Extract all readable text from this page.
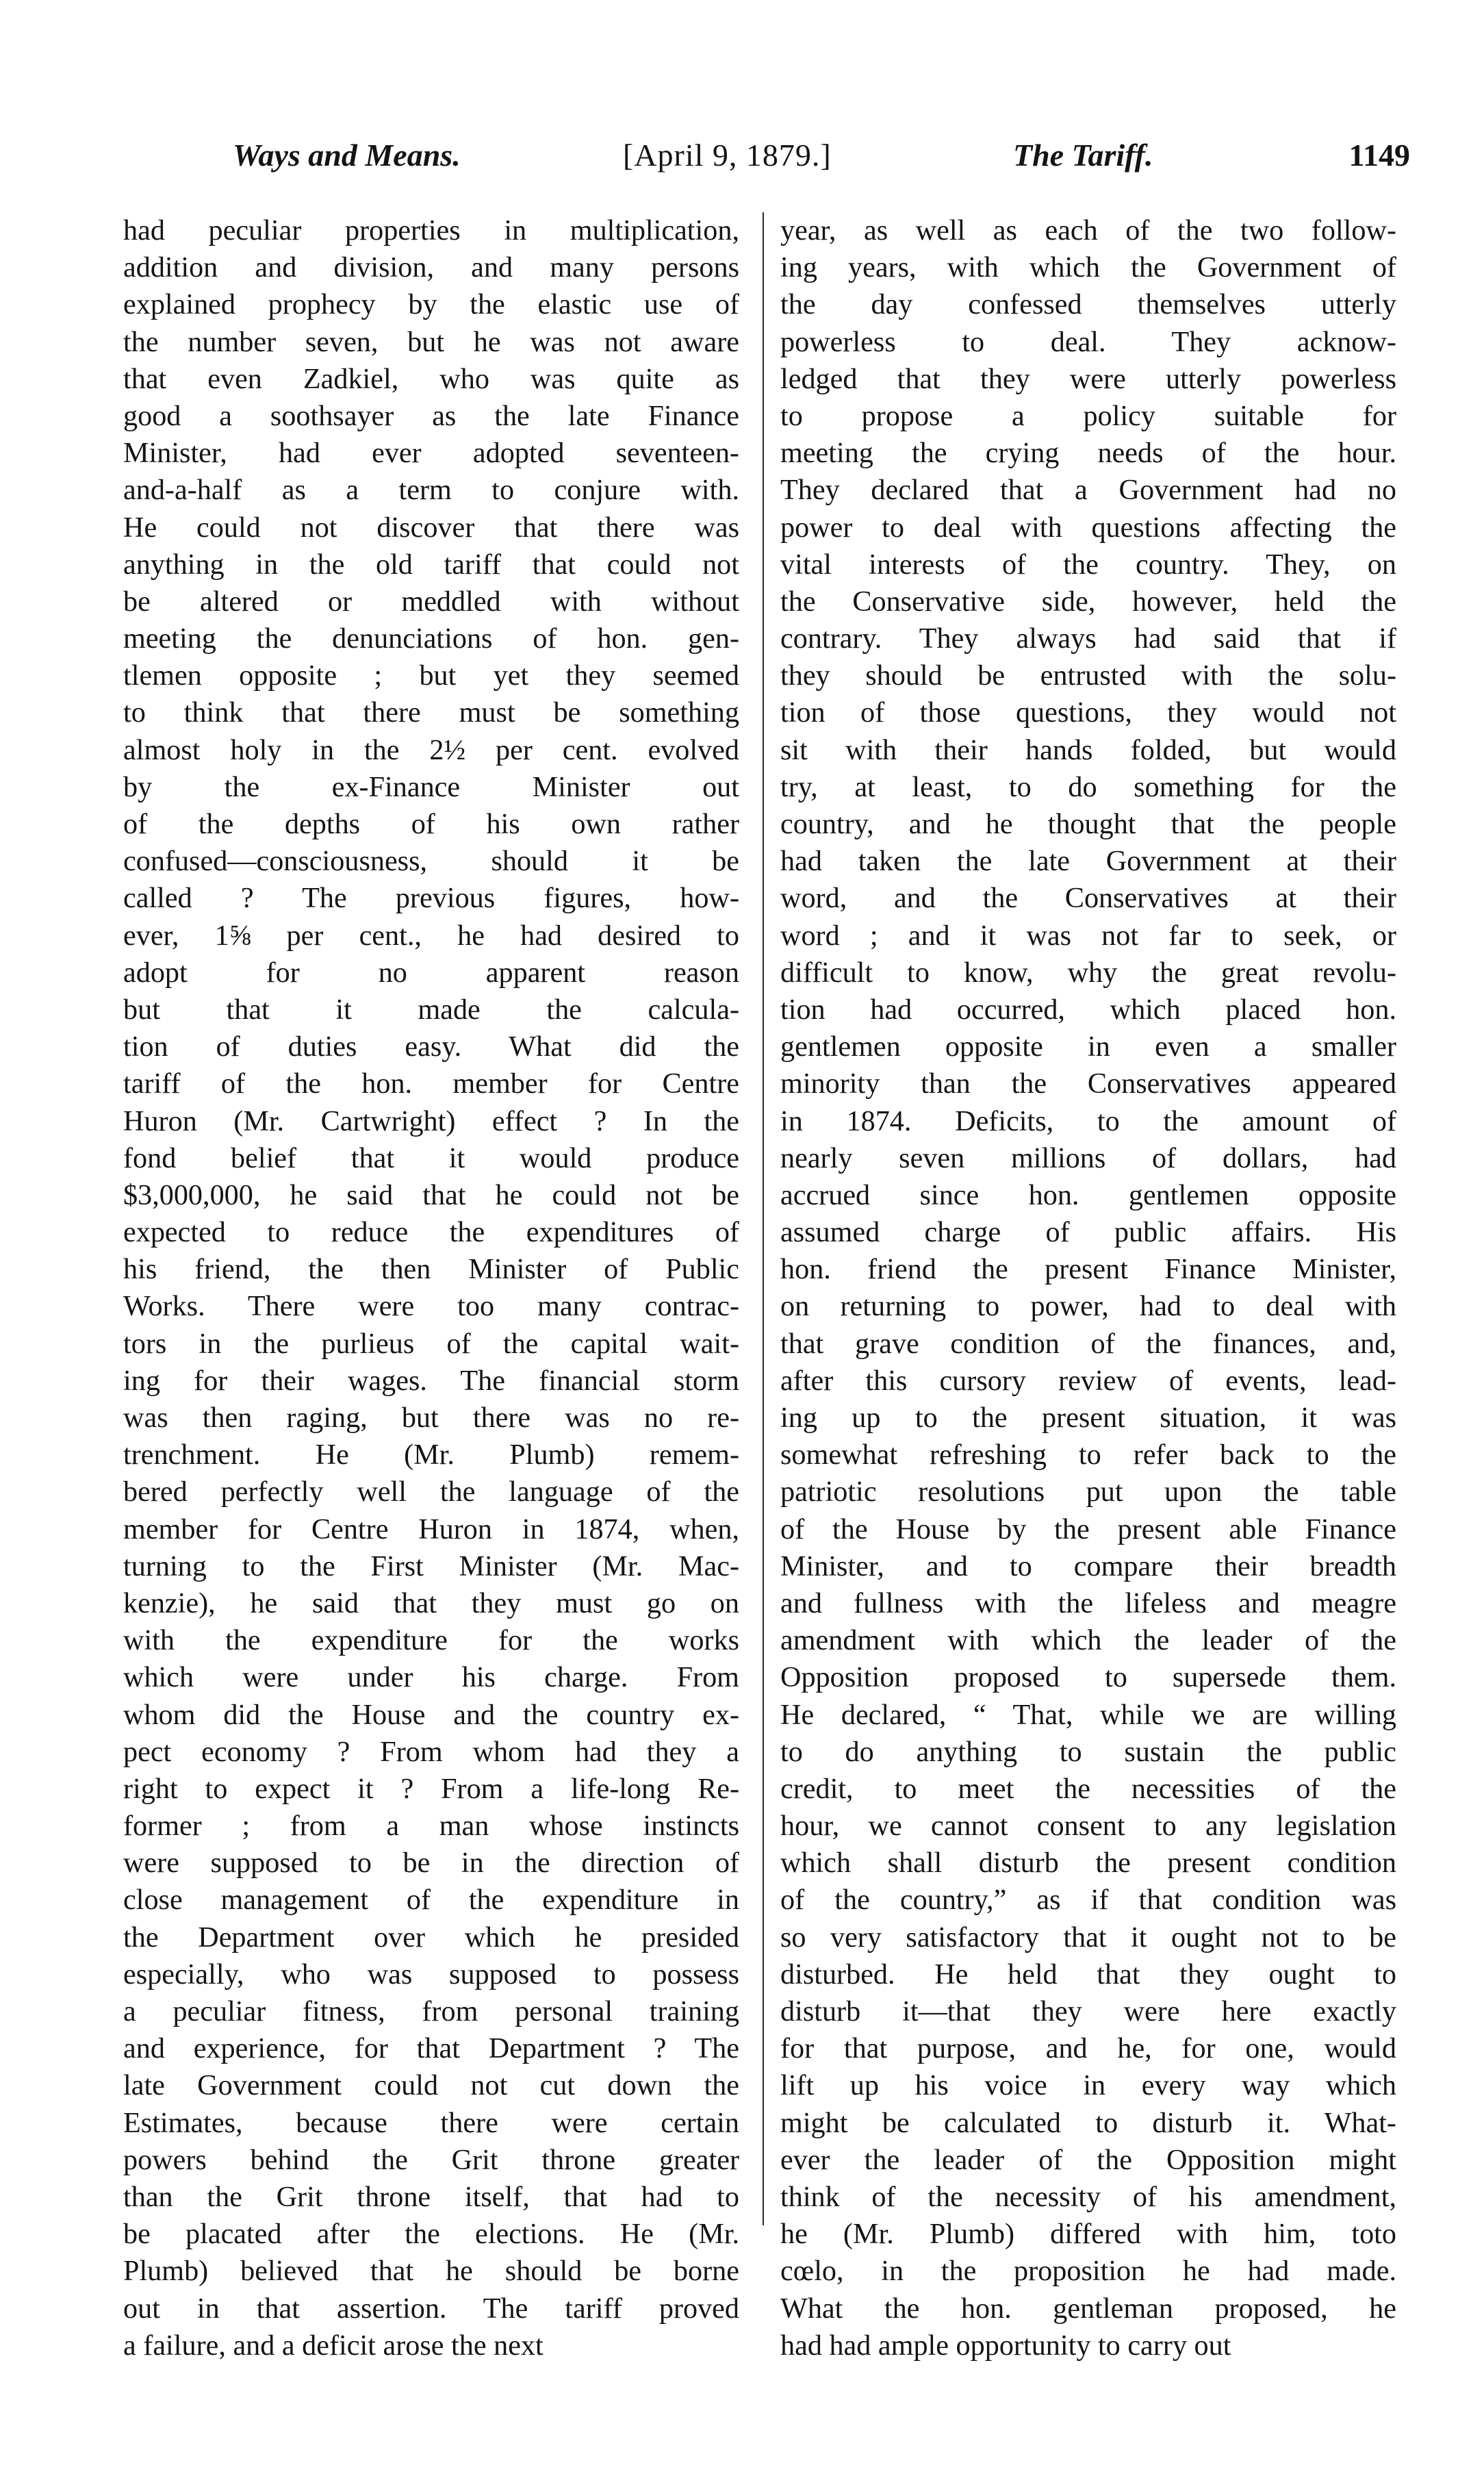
Ways and Means.	[April 9, 1879.]	The Tariff.	1149
had peculiar properties in multiplication,
addition and division, and many persons
explained prophecy by the elastic use of
the number seven, but he was not aware
that even Zadkiel, who was quite as
good a soothsayer as the late Finance
Minister, had ever adopted seventeen-
and-a-half as a term to conjure with.
He could not discover that there was
anything in the old tariff that could not
be altered or meddled with without
meeting the denunciations of hon. gen-
tlemen opposite ; but yet they seemed
to think that there must be something
almost holy in the 2½ per cent. evolved
by the ex-Finance Minister out
of the depths of his own rather
confused—consciousness, should it be
called ? The previous figures, how-
ever, 1⅝ per cent., he had desired to
adopt for no apparent reason
but that it made the calcula-
tion of duties easy. What did the
tariff of the hon. member for Centre
Huron (Mr. Cartwright) effect ? In the
fond belief that it would produce
$3,000,000, he said that he could not be
expected to reduce the expenditures of
his friend, the then Minister of Public
Works. There were too many contrac-
tors in the purlieus of the capital wait-
ing for their wages. The financial storm
was then raging, but there was no re-
trenchment. He (Mr. Plumb) remem-
bered perfectly well the language of the
member for Centre Huron in 1874, when,
turning to the First Minister (Mr. Mac-
kenzie), he said that they must go on
with the expenditure for the works
which were under his charge. From
whom did the House and the country ex-
pect economy ? From whom had they a
right to expect it ? From a life-long Re-
former ; from a man whose instincts
were supposed to be in the direction of
close management of the expenditure in
the Department over which he presided
especially, who was supposed to possess
a peculiar fitness, from personal training
and experience, for that Department ? The
late Government could not cut down the
Estimates, because there were certain
powers behind the Grit throne greater
than the Grit throne itself, that had to
be placated after the elections. He (Mr.
Plumb) believed that he should be borne
out in that assertion. The tariff proved
a failure, and a deficit arose the next
year, as well as each of the two follow-
ing years, with which the Government of
the day confessed themselves utterly
powerless to deal. They acknow-
ledged that they were utterly powerless
to propose a policy suitable for
meeting the crying needs of the hour.
They declared that a Government had no
power to deal with questions affecting the
vital interests of the country. They, on
the Conservative side, however, held the
contrary. They always had said that if
they should be entrusted with the solu-
tion of those questions, they would not
sit with their hands folded, but would
try, at least, to do something for the
country, and he thought that the people
had taken the late Government at their
word, and the Conservatives at their
word ; and it was not far to seek, or
difficult to know, why the great revolu-
tion had occurred, which placed hon.
gentlemen opposite in even a smaller
minority than the Conservatives appeared
in 1874. Deficits, to the amount of
nearly seven millions of dollars, had
accrued since hon. gentlemen opposite
assumed charge of public affairs. His
hon. friend the present Finance Minister,
on returning to power, had to deal with
that grave condition of the finances, and,
after this cursory review of events, lead-
ing up to the present situation, it was
somewhat refreshing to refer back to the
patriotic resolutions put upon the table
of the House by the present able Finance
Minister, and to compare their breadth
and fullness with the lifeless and meagre
amendment with which the leader of the
Opposition proposed to supersede them.
He declared, “ That, while we are willing
to do anything to sustain the public
credit, to meet the necessities of the
hour, we cannot consent to any legislation
which shall disturb the present condition
of the country,” as if that condition was
so very satisfactory that it ought not to be
disturbed. He held that they ought to
disturb it—that they were here exactly
for that purpose, and he, for one, would
lift up his voice in every way which
might be calculated to disturb it. What-
ever the leader of the Opposition might
think of the necessity of his amendment,
he (Mr. Plumb) differed with him, toto
cœlo, in the proposition he had made.
What the hon. gentleman proposed, he
had had ample opportunity to carry out
